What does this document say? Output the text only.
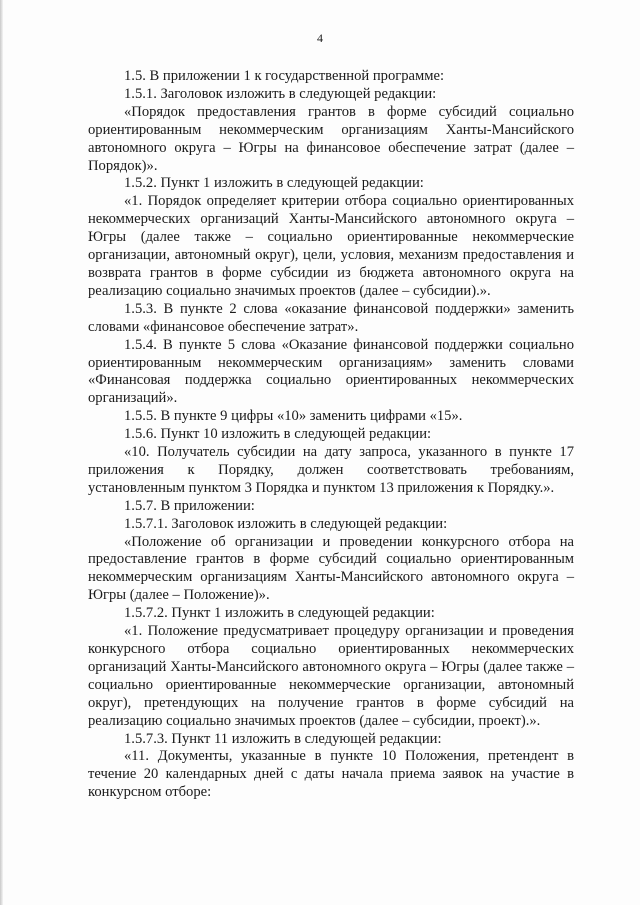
4

1.5. В приложении 1 к государственной программе:

1.5.1. Заголовок изложить в следующей редакции:

«Порядок предоставления грантов в форме субсидий социально ориентированным некоммерческим организациям Ханты-Мансийского автономного округа – Югры на финансовое обеспечение затрат (далее – Порядок)».

1.5.2. Пункт 1 изложить в следующей редакции:

«1. Порядок определяет критерии отбора социально ориентированных некоммерческих организаций Ханты-Мансийского автономного округа – Югры (далее также – социально ориентированные некоммерческие организации, автономный округ), цели, условия, механизм предоставления и возврата грантов в форме субсидии из бюджета автономного округа на реализацию социально значимых проектов (далее – субсидии).».

1.5.3. В пункте 2 слова «оказание финансовой поддержки» заменить словами «финансовое обеспечение затрат».

1.5.4. В пункте 5 слова «Оказание финансовой поддержки социально ориентированным некоммерческим организациям» заменить словами «Финансовая поддержка социально ориентированных некоммерческих организаций».

1.5.5. В пункте 9 цифры «10» заменить цифрами «15».

1.5.6. Пункт 10 изложить в следующей редакции:

«10. Получатель субсидии на дату запроса, указанного в пункте 17 приложения к Порядку, должен соответствовать требованиям, установленным пунктом 3 Порядка и пунктом 13 приложения к Порядку.».

1.5.7. В приложении:

1.5.7.1. Заголовок изложить в следующей редакции:

«Положение об организации и проведении конкурсного отбора на предоставление грантов в форме субсидий социально ориентированным некоммерческим организациям Ханты-Мансийского автономного округа – Югры (далее – Положение)».

1.5.7.2. Пункт 1 изложить в следующей редакции:

«1. Положение предусматривает процедуру организации и проведения конкурсного отбора социально ориентированных некоммерческих организаций Ханты-Мансийского автономного округа – Югры (далее также – социально ориентированные некоммерческие организации, автономный округ), претендующих на получение грантов в форме субсидий на реализацию социально значимых проектов (далее – субсидии, проект).».

1.5.7.3. Пункт 11 изложить в следующей редакции:

«11. Документы, указанные в пункте 10 Положения, претендент в течение 20 календарных дней с даты начала приема заявок на участие в конкурсном отборе:
